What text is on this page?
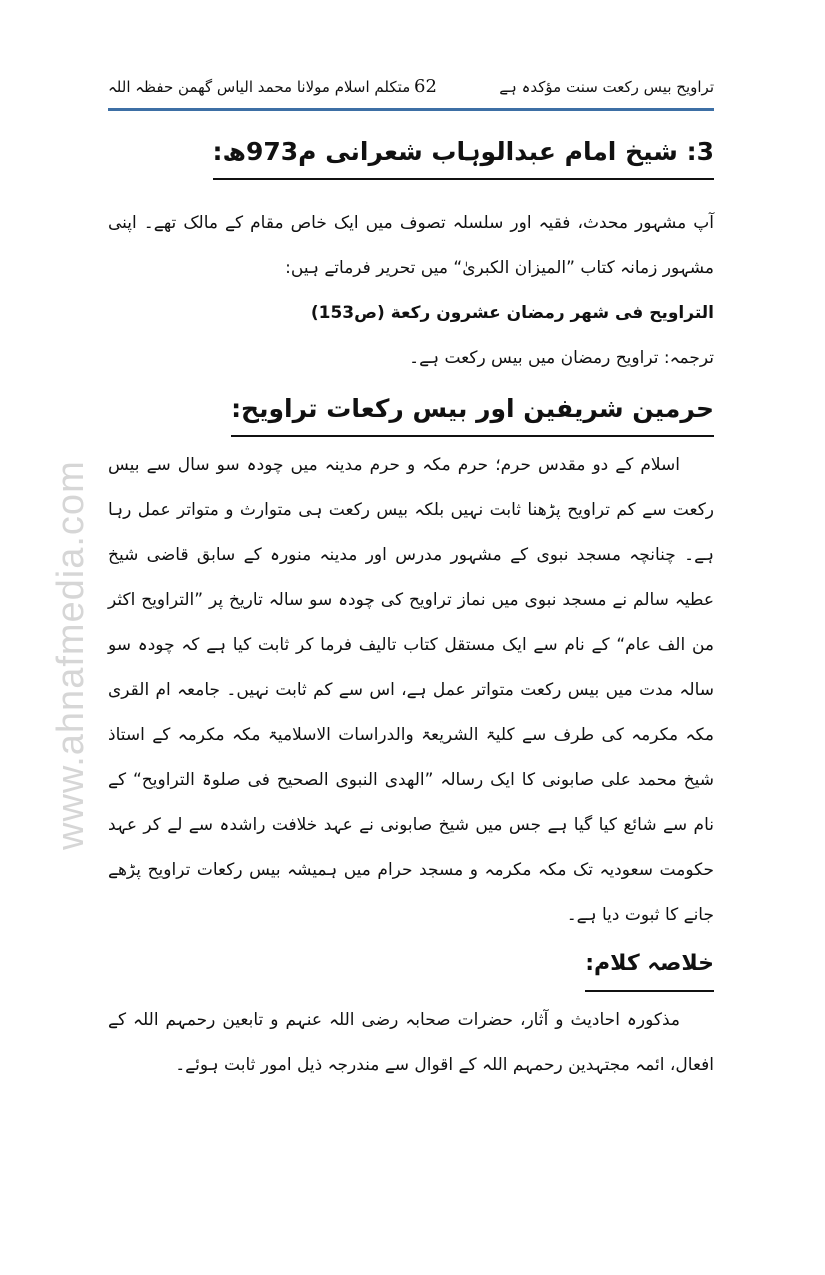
تراویح بیس رکعت سنت مؤکدہ ہے
62
متکلم اسلام مولانا محمد الیاس گھمن حفظہ اللہ
www.ahnafmedia.com
3: شیخ امام عبدالوہاب شعرانی م973ھ:

آپ مشہور محدث، فقیہ اور سلسلہ تصوف میں ایک خاص مقام کے مالک تھے۔ اپنی مشہور زمانہ کتاب ”المیزان الکبریٰ“ میں تحریر فرماتے ہیں:

التراویح فی شهر رمضان عشرون رکعة (ص153)

ترجمہ: تراویح رمضان میں بیس رکعت ہے۔

حرمین شریفین اور بیس رکعات تراویح:

اسلام کے دو مقدس حرم؛ حرم مکہ و حرم مدینہ میں چودہ سو سال سے بیس رکعت سے کم تراویح پڑھنا ثابت نہیں بلکہ بیس رکعت ہی متوارث و متواتر عمل رہا ہے۔ چنانچہ مسجد نبوی کے مشہور مدرس اور مدینہ منورہ کے سابق قاضی شیخ عطیہ سالم نے مسجد نبوی میں نماز تراویح کی چودہ سو سالہ تاریخ پر ”التراویح اکثر من الف عام“ کے نام سے ایک مستقل کتاب تالیف فرما کر ثابت کیا ہے کہ چودہ سو سالہ مدت میں بیس رکعت متواتر عمل ہے، اس سے کم ثابت نہیں۔ جامعہ ام القری مکہ مکرمہ کی طرف سے کلیۃ الشریعۃ والدراسات الاسلامیۃ مکہ مکرمہ کے استاذ شیخ محمد علی صابونی کا ایک رسالہ ”الھدی النبوی الصحیح فی صلوۃ التراویح“ کے نام سے شائع کیا گیا ہے جس میں شیخ صابونی نے عہد خلافت راشدہ سے لے کر عہد حکومت سعودیہ تک مکہ مکرمہ و مسجد حرام میں ہمیشہ بیس رکعات تراویح پڑھے جانے کا ثبوت دیا ہے۔

خلاصہ کلام:

مذکورہ احادیث و آثار، حضرات صحابہ رضی اللہ عنہم و تابعین رحمہم اللہ کے افعال، ائمہ مجتہدین رحمہم اللہ کے اقوال سے مندرجہ ذیل امور ثابت ہوئے۔
